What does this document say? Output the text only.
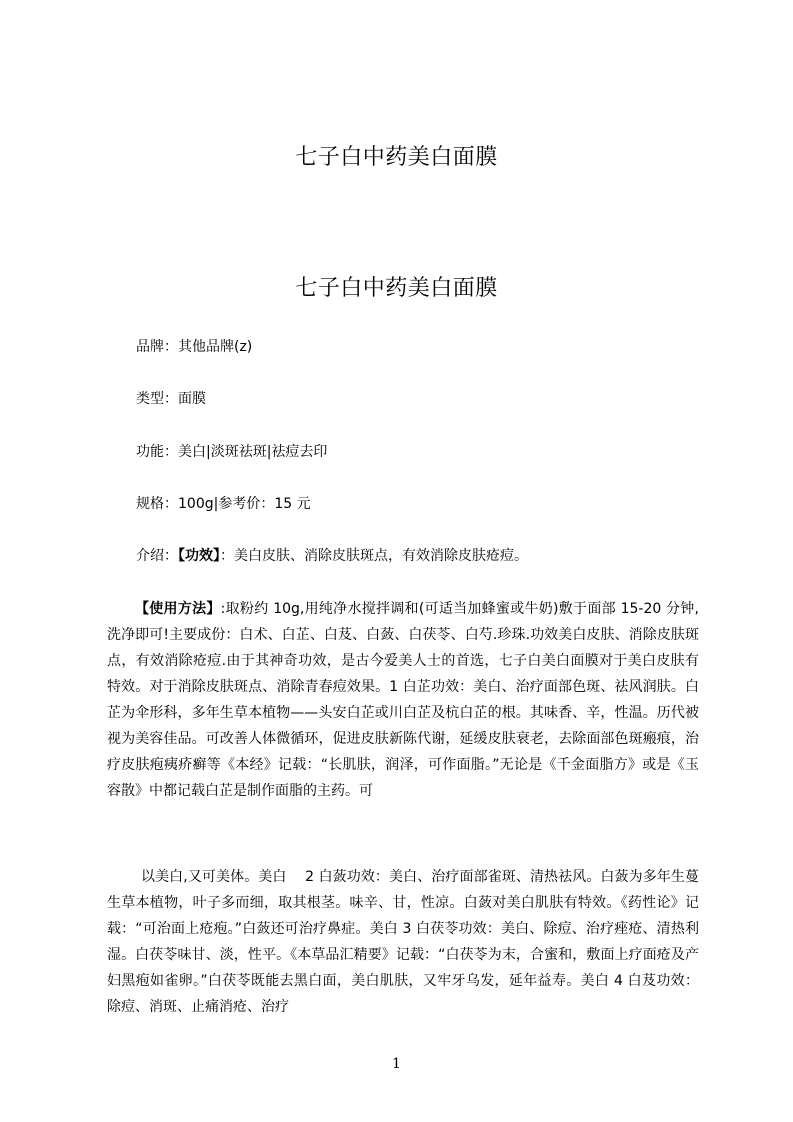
七子白中药美白面膜
七子白中药美白面膜
品牌：其他品牌(z)
类型：面膜
功能：美白|淡斑祛斑|祛痘去印
规格：100g|参考价：15 元
介绍：【功效】：美白皮肤、消除皮肤斑点，有效消除皮肤疮痘。
【使用方法】:取粉约 10g,用纯净水搅拌调和(可适当加蜂蜜或牛奶)敷于面部 15-20 分钟,洗净即可!主要成份：白术、白芷、白芨、白蔹、白茯苓、白芍.珍珠.功效美白皮肤、消除皮肤斑点，有效消除疮痘.由于其神奇功效，是古今爱美人士的首选，七子白美白面膜对于美白皮肤有特效。对于消除皮肤斑点、消除青春痘效果。1 白芷功效：美白、治疗面部色斑、祛风润肤。白芷为伞形科，多年生草本植物——头安白芷或川白芷及杭白芷的根。其味香、辛，性温。历代被视为美容佳品。可改善人体微循环，促进皮肤新陈代谢，延缓皮肤衰老，去除面部色斑瘢痕，治疗皮肤疱痍疥癣等《本经》记载：“长肌肤，润泽，可作面脂。”无论是《千金面脂方》或是《玉容散》中都记载白芷是制作面脂的主药。可
以美白,又可美体。美白　 2 白蔹功效：美白、治疗面部雀斑、清热祛风。白蔹为多年生蔓生草本植物，叶子多而细，取其根茎。味辛、甘，性凉。白蔹对美白肌肤有特效。《药性论》记载：“可治面上疮疱。”白蔹还可治疗鼻症。美白 3 白茯苓功效：美白、除痘、治疗痤疮、清热利湿。白茯苓味甘、淡，性平。《本草品汇精要》记载：“白茯苓为末，合蜜和，敷面上疗面疮及产妇黑疱如雀卵。”白茯苓既能去黑白面，美白肌肤，又牢牙乌发，延年益寿。美白 4 白芨功效：除痘、消斑、止痛消疮、治疗
1
